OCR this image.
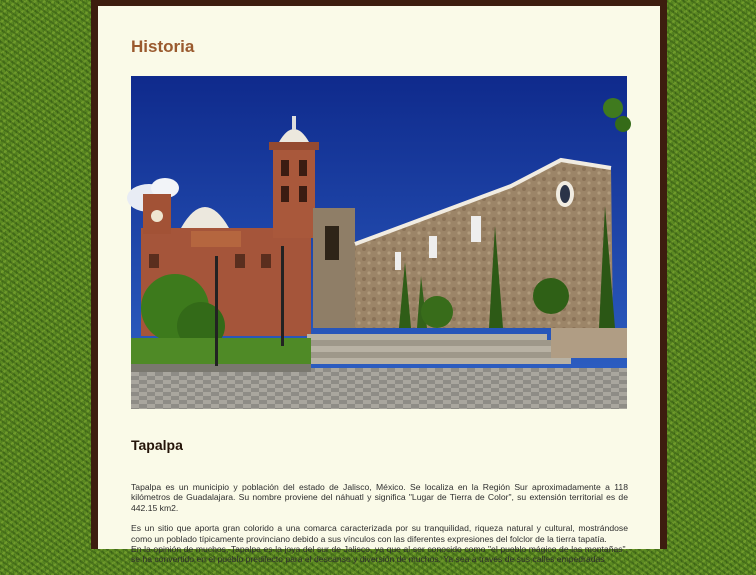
Historia
Tapalpa

Tapalpa es un municipio y población del estado de Jalisco, México. Se localiza en la Región Sur aproximadamente a 118 kilómetros de Guadalajara. Su nombre proviene del náhuatl y significa "Lugar de Tierra de Color", su extensión territorial es de 442.15 km2.

Es un sitio que aporta gran colorido a una comarca caracterizada por su tranquilidad, riqueza natural y cultural, mostrándose como un poblado típicamente provinciano debido a sus vínculos con las diferentes expresiones del folclor de la tierra tapatía.

En la opinión de muchos, Tapalpa es la joya del sur de Jalisco, ya que al ser conocido como "el pueblo mágico de las montañas", se ha convertido en el pueblo predilecto para el descanso y diversión de muchos. Ya sea a través de sus calles empedradas
